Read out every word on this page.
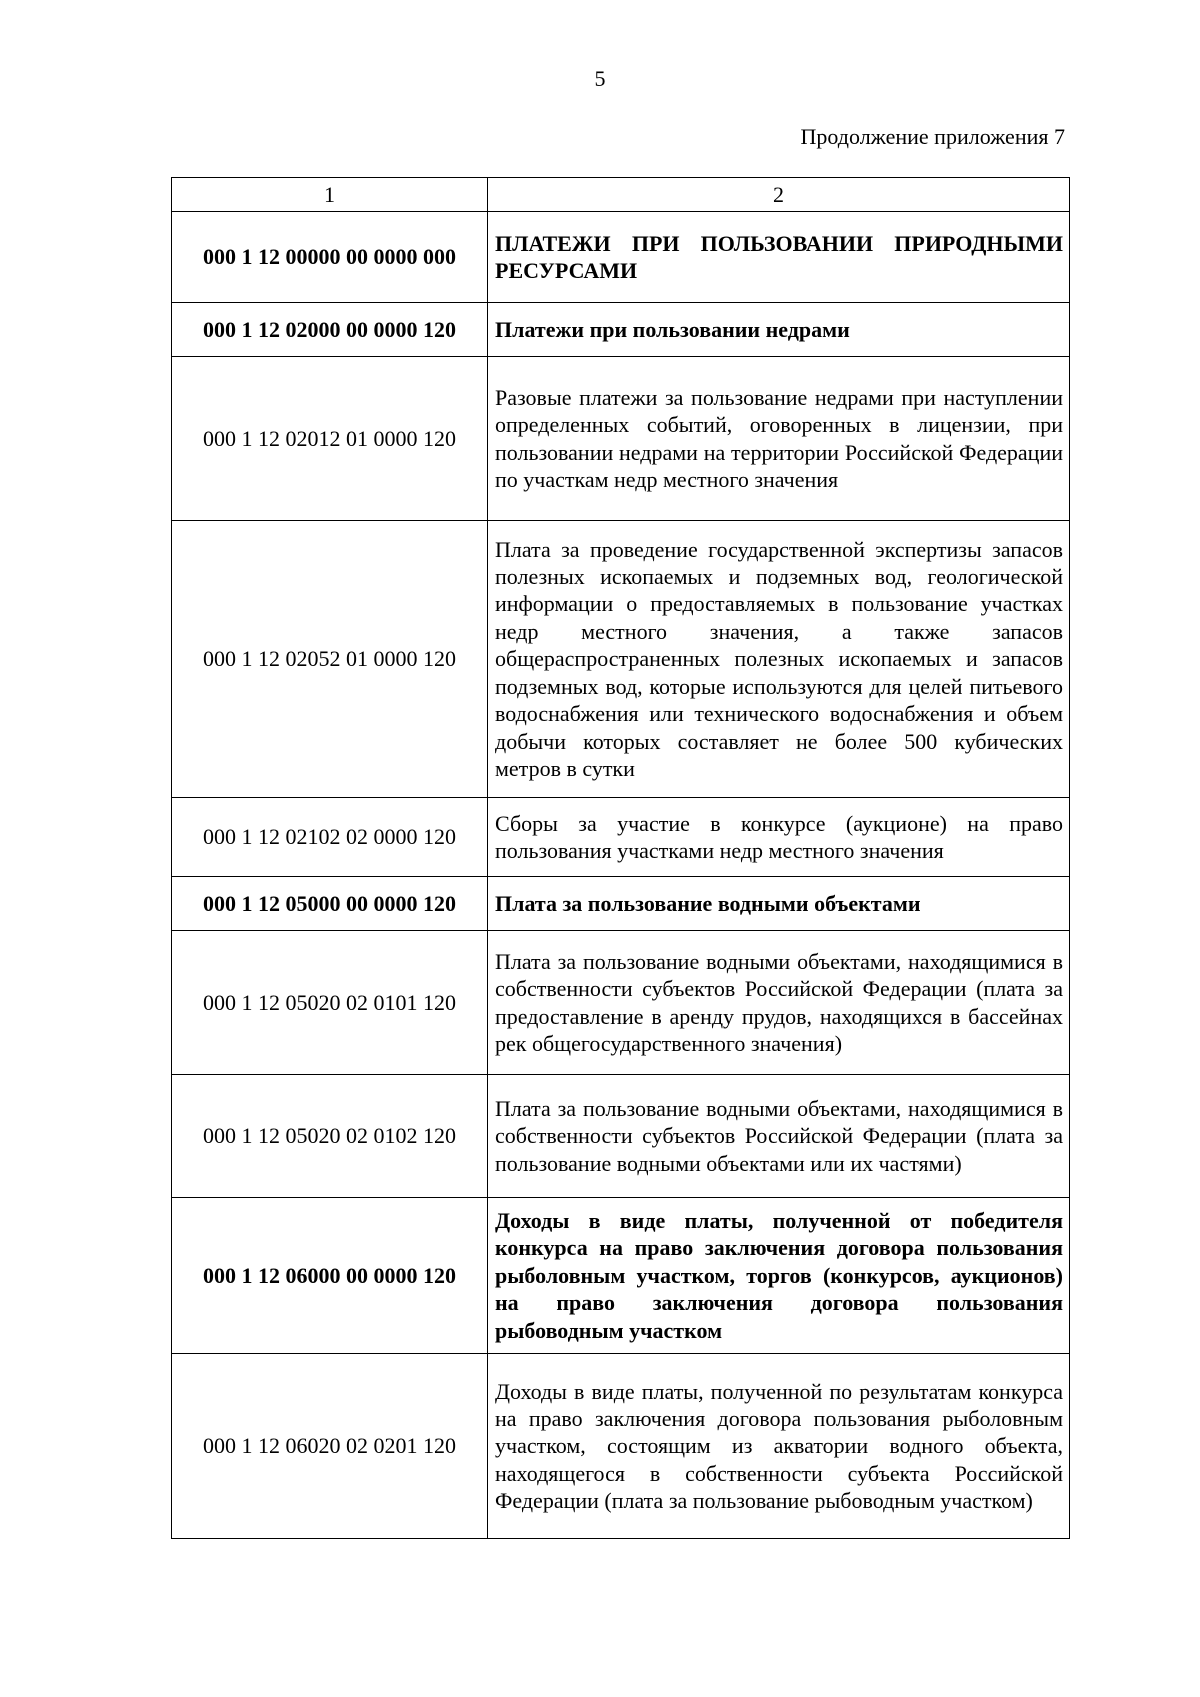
5
Продолжение приложения 7
1	2
000 1 12 00000 00 0000 000	ПЛАТЕЖИ ПРИ ПОЛЬЗОВАНИИ ПРИРОДНЫМИ РЕСУРСАМИ
000 1 12 02000 00 0000 120	Платежи при пользовании недрами
000 1 12 02012 01 0000 120	Разовые платежи за пользование недрами при наступлении определенных событий, оговоренных в лицензии, при пользовании недрами на территории Российской Федерации по участкам недр местного значения
000 1 12 02052 01 0000 120	Плата за проведение государственной экспертизы запасов полезных ископаемых и подземных вод, геологической информации о предоставляемых в пользование участках недр местного значения, а также запасов общераспространенных полезных ископаемых и запасов подземных вод, которые используются для целей питьевого водоснабжения или технического водоснабжения и объем добычи которых составляет не более 500 кубических метров в сутки
000 1 12 02102 02 0000 120	Сборы за участие в конкурсе (аукционе) на право пользования участками недр местного значения
000 1 12 05000 00 0000 120	Плата за пользование водными объектами
000 1 12 05020 02 0101 120	Плата за пользование водными объектами, находящимися в собственности субъектов Российской Федерации (плата за предоставление в аренду прудов, находящихся в бассейнах рек общегосударственного значения)
000 1 12 05020 02 0102 120	Плата за пользование водными объектами, находящимися в собственности субъектов Российской Федерации (плата за пользование водными объектами или их частями)
000 1 12 06000 00 0000 120	Доходы в виде платы, полученной от победителя конкурса на право заключения договора пользования рыболовным участком, торгов (конкурсов, аукционов) на право заключения договора пользования рыбоводным участком
000 1 12 06020 02 0201 120	Доходы в виде платы, полученной по результатам конкурса на право заключения договора пользования рыболовным участком, состоящим из акватории водного объекта, находящегося в собственности субъекта Российской Федерации (плата за пользование рыбоводным участком)
